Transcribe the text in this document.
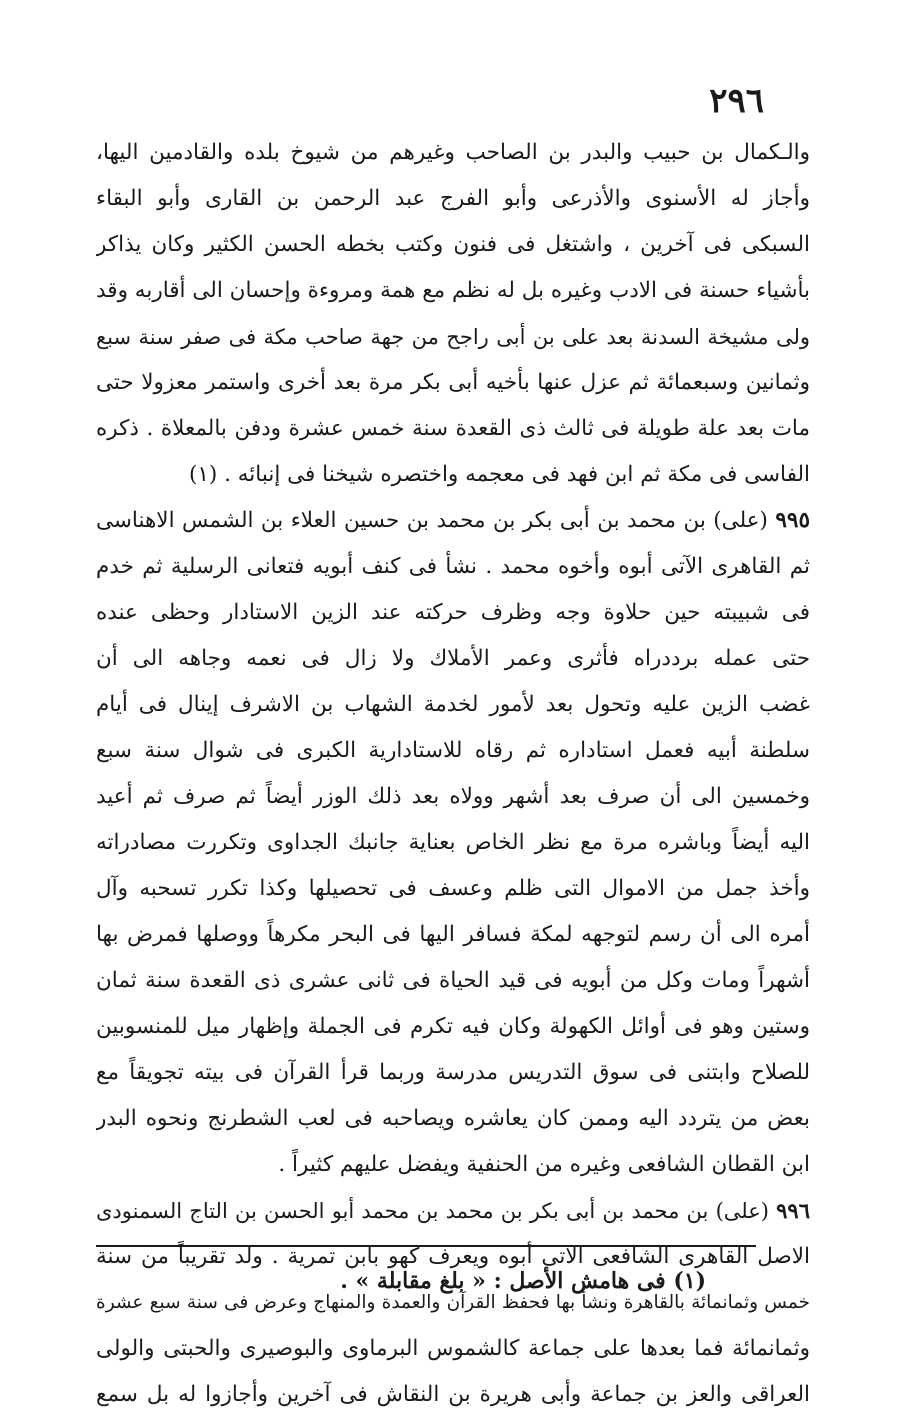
٢٩٦
والـكمال بن حبيب والبدر بن الصاحب وغيرهم من شيوخ بلده والقادمين اليها،
وأجاز له الأسنوى والأذرعى وأبو الفرج عبد الرحمن بن القارى وأبو البقاء
السبكى فى آخرين ، واشتغل فى فنون وكتب بخطه الحسن الكثير وكان يذاكر
بأشياء حسنة فى الادب وغيره بل له نظم مع همة ومروءة وإحسان الى أقاربه وقد
ولى مشيخة السدنة بعد على بن أبى راجح من جهة صاحب مكة فى صفر سنة سبع
وثمانين وسبعمائة ثم عزل عنها بأخيه أبى بكر مرة بعد أخرى واستمر معزولا حتى
مات بعد علة طويلة فى ثالث ذى القعدة سنة خمس عشرة ودفن بالمعلاة . ذكره
الفاسى فى مكة ثم ابن فهد فى معجمه واختصره شيخنا فى إنبائه . (١)
٩٩٥ (على) بن محمد بن أبى بكر بن محمد بن حسين العلاء بن الشمس الاهناسى
ثم القاهرى الآتى أبوه وأخوه محمد . نشأ فى كنف أبويه فتعانى الرسلية ثم خدم
فى شبيبته حين حلاوة وجه وظرف حركته عند الزين الاستادار وحظى عنده
حتى عمله برددراه فأثرى وعمر الأملاك ولا زال فى نعمه وجاهه الى أن
غضب الزين عليه وتحول بعد لأمور لخدمة الشهاب بن الاشرف إينال فى أيام
سلطنة أبيه فعمل استاداره ثم رقاه للاستادارية الكبرى فى شوال سنة سبع
وخمسين الى أن صرف بعد أشهر وولاه بعد ذلك الوزر أيضاً ثم صرف ثم أعيد
اليه أيضاً وباشره مرة مع نظر الخاص بعناية جانبك الجداوى وتكررت مصادراته
وأخذ جمل من الاموال التى ظلم وعسف فى تحصيلها وكذا تكرر تسحبه وآل
أمره الى أن رسم لتوجهه لمكة فسافر اليها فى البحر مكرهاً ووصلها فمرض بها
أشهراً ومات وكل من أبويه فى قيد الحياة فى ثانى عشرى ذى القعدة سنة ثمان
وستين وهو فى أوائل الكهولة وكان فيه تكرم فى الجملة وإظهار ميل للمنسوبين
للصلاح وابتنى فى سوق التدريس مدرسة وربما قرأ القرآن فى بيته تجويقاً مع
بعض من يتردد اليه وممن كان يعاشره ويصاحبه فى لعب الشطرنج ونحوه البدر
ابن القطان الشافعى وغيره من الحنفية ويفضل عليهم كثيراً .
٩٩٦ (على) بن محمد بن أبى بكر بن محمد بن محمد أبو الحسن بن التاج السمنودى
الاصل القاهرى الشافعى الآتى أبوه ويعرف كهو بابن تمرية . ولد تقريباً من سنة
خمس وثمانمائة بالقاهرة ونشأ بها فحفظ القرآن والعمدة والمنهاج وعرض فى سنة سبع عشرة
وثمانمائة فما بعدها على جماعة كالشموس البرماوى والبوصيرى والحبتى والولى
العراقى والعز بن جماعة وأبى هريرة بن النقاش فى آخرين وأجازوا له بل سمع
(١) فى هامش الأصل : « بلغ مقابلة » .
